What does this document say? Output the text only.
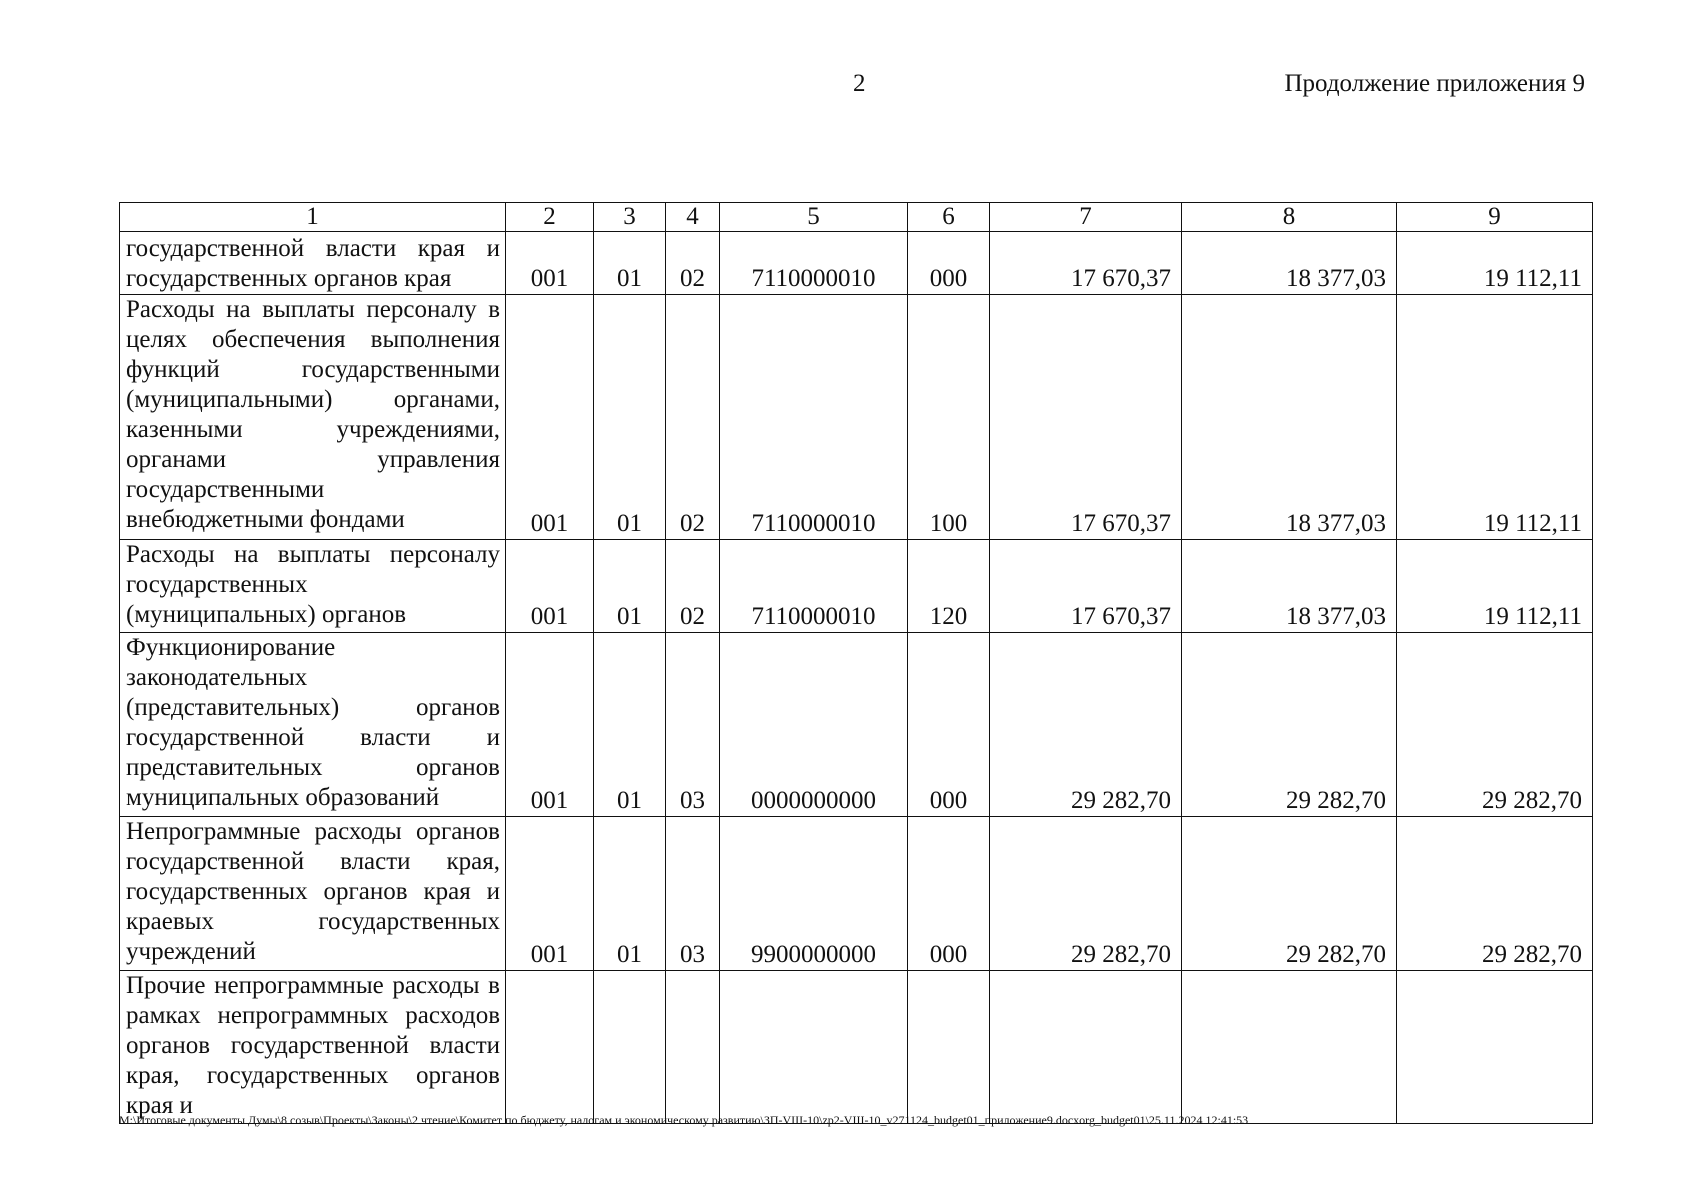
2	Продолжение приложения 9
1	2	3	4	5	6	7	8	9
государственной власти края и государственных органов края	001	01	02	7110000010	000	17 670,37	18 377,03	19 112,11
Расходы на выплаты персоналу в целях обеспечения выполнения функций государственными (муниципальными) органами, казенными учреждениями, органами управления государственными внебюджетными фондами	001	01	02	7110000010	100	17 670,37	18 377,03	19 112,11
Расходы на выплаты персоналу государственных (муниципальных) органов	001	01	02	7110000010	120	17 670,37	18 377,03	19 112,11
Функционирование законодательных (представительных) органов государственной власти и представительных органов муниципальных образований	001	01	03	0000000000	000	29 282,70	29 282,70	29 282,70
Непрограммные расходы органов государственной власти края, государственных органов края и краевых государственных учреждений	001	01	03	9900000000	000	29 282,70	29 282,70	29 282,70
Прочие непрограммные расходы в рамках непрограммных расходов органов государственной власти края, государственных органов края и								
M:\Итоговые документы Думы\8 созыв\Проекты\Законы\2 чтение\Комитет по бюджету, налогам и экономическому развитию\ЗП-VIII-10\zp2-VIII-10_v271124_budget01_приложение9.docxorg_budget01\25.11.2024 12:41:53
